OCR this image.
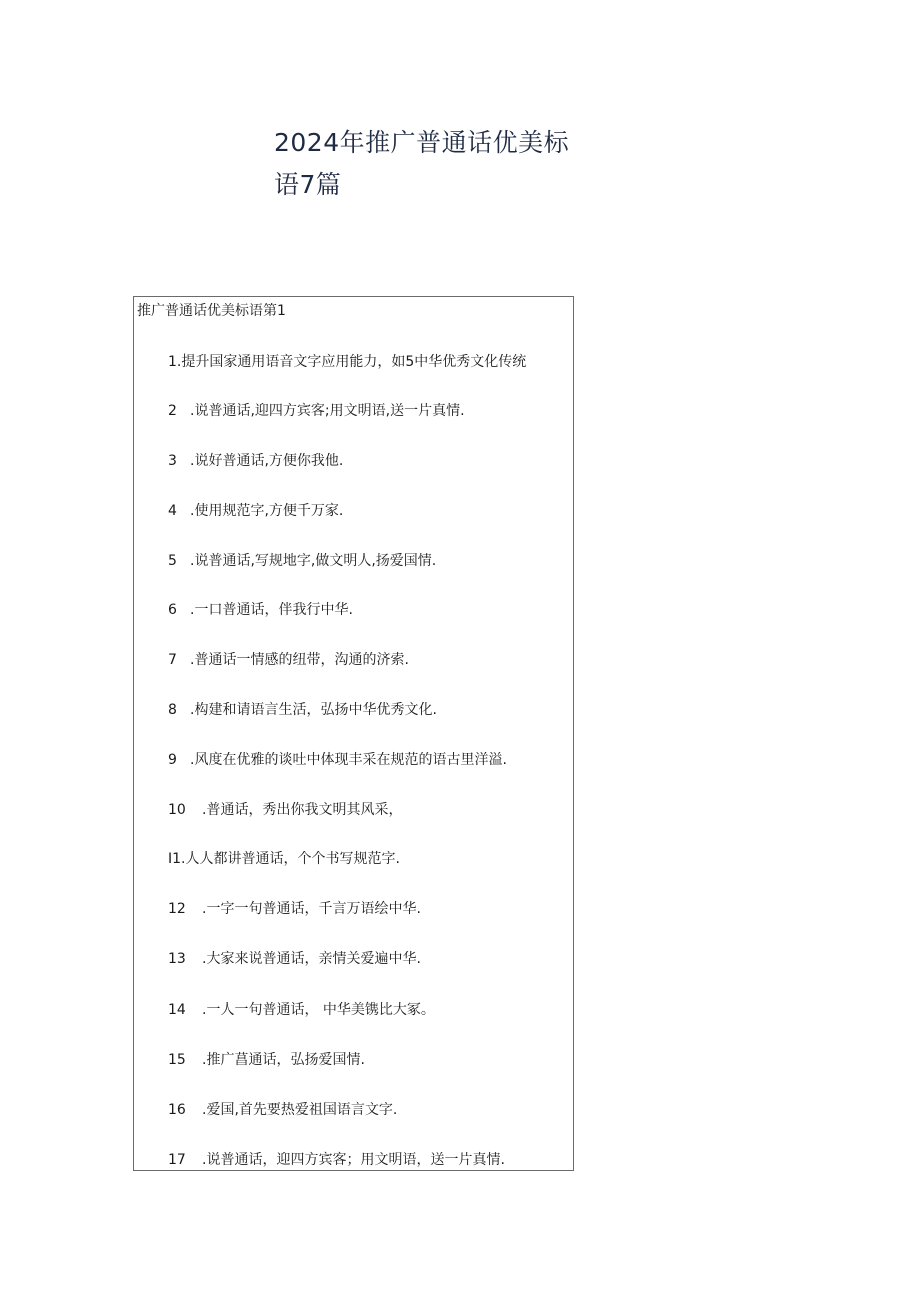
2024年推广普通话优美标
语7篇
推广普通话优美标语第1
1.提升国家通用语音文字应用能力，如5中华优秀文化传统
2 .说普通话,迎四方宾客;用文明语,送一片真情.
3 .说好普通话,方便你我他.
4 .使用规范字,方便千万家.
5 .说普通话,写规地字,做文明人,扬爱国情.
6 .一口普通话，伴我行中华.
7 .普通话一情感的纽带，沟通的济索.
8 .构建和请语言生活，弘扬中华优秀文化.
9 .风度在优雅的谈吐中体现丰采在规范的语古里洋溢.
10 .普通话，秀出你我文明其风采，
I1.人人都讲普通话，个个书写规范字.
12 .一字一句普通话，千言万语绘中华.
13 .大家来说普通话，亲情关爱遍中华.
14 .一人一句普通话， 中华美镌比大冢。
15 .推广菖通话，弘扬爱国情.
16 .爱国,首先要热爱祖国语言文字.
17 .说普通话，迎四方宾客；用文明语，送一片真情.
